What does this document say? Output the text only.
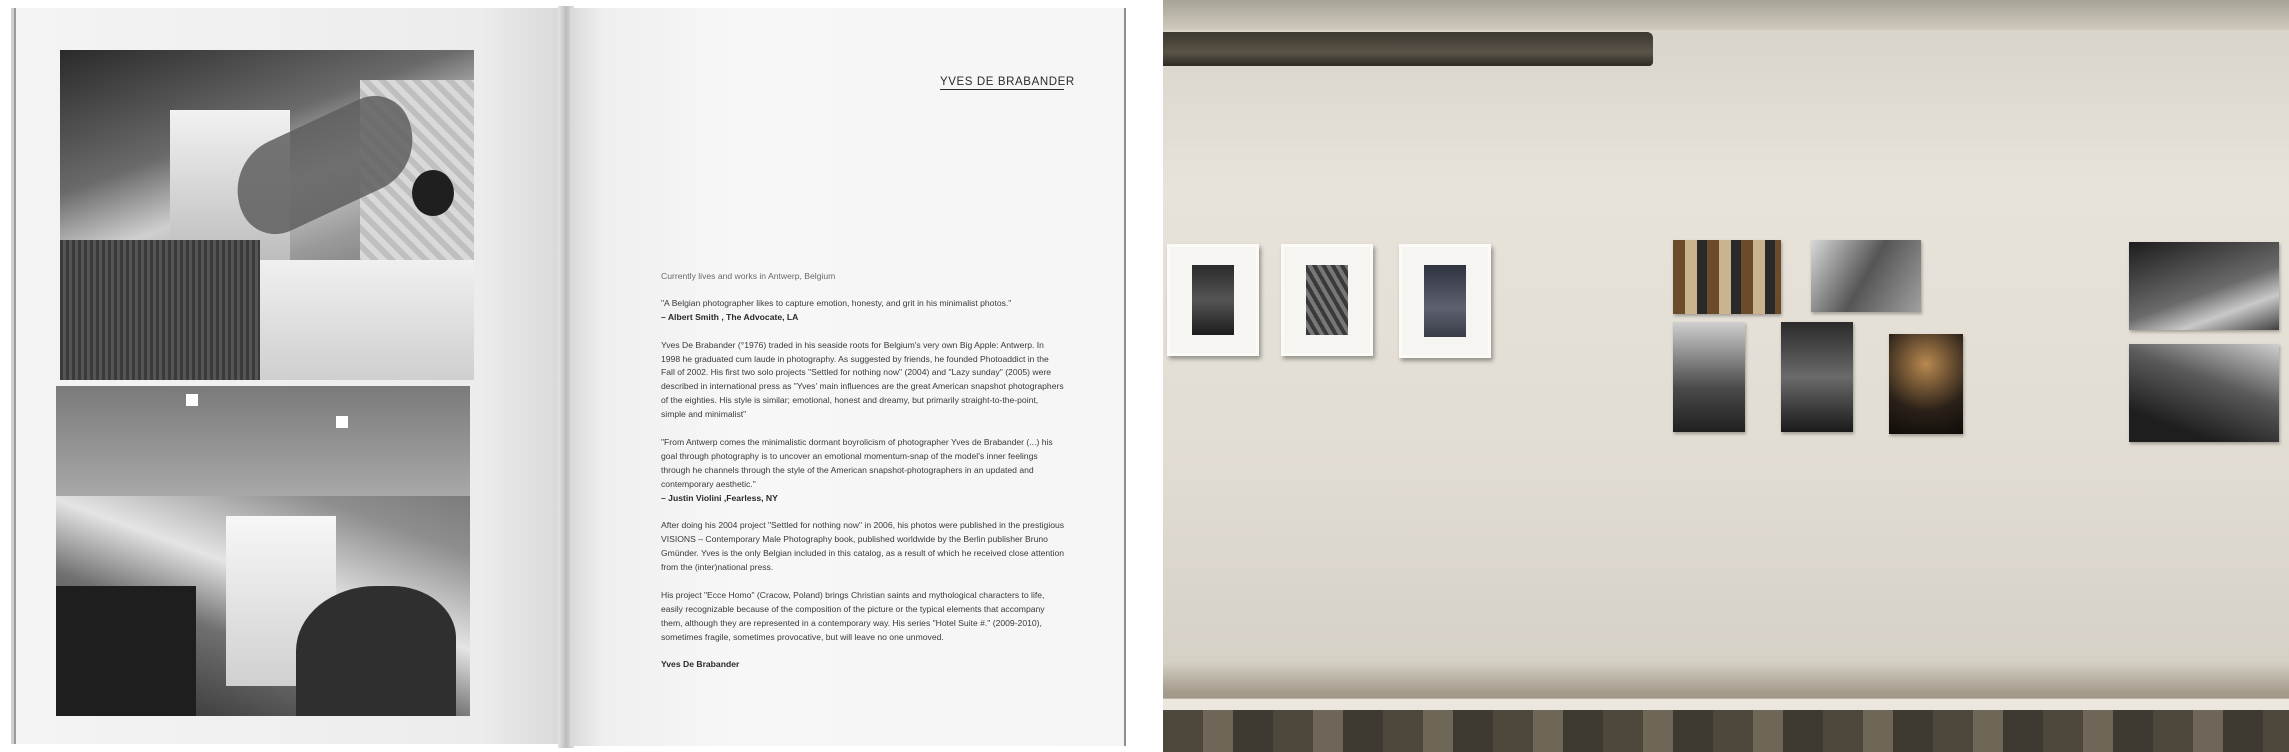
YVES DE BRABANDER

Currently lives and works in Antwerp, Belgium

"A Belgian photographer likes to capture emotion, honesty, and grit in his minimalist photos."
– Albert Smith , The Advocate, LA

Yves De Brabander (°1976) traded in his seaside roots for Belgium's very own Big Apple: Antwerp. In 1998 he graduated cum laude in photography. As suggested by friends, he founded Photoaddict in the Fall of 2002. His first two solo projects "Settled for nothing now" (2004) and "Lazy sunday" (2005) were described in international press as "Yves' main influences are the great American snapshot photographers of the eighties. His style is similar; emotional, honest and dreamy, but primarily straight-to-the-point, simple and minimalist"

"From Antwerp comes the minimalistic dormant boyrolicism of photographer Yves de Brabander (...) his goal through photography is to uncover an emotional momentum-snap of the model's inner feelings through he channels through the style of the American snapshot-photographers in an updated and contemporary aesthetic."
– Justin Violini ,Fearless, NY

After doing his 2004 project "Settled for nothing now" in 2006, his photos were published in the prestigious VISIONS – Contemporary Male Photography book, published worldwide by the Berlin publisher Bruno Gmünder. Yves is the only Belgian included in this catalog, as a result of which he received close attention from the (inter)national press.

His project "Ecce Homo" (Cracow, Poland) brings Christian saints and mythological characters to life, easily recognizable because of the composition of the picture or the typical elements that accompany them, although they are represented in a contemporary way. His series "Hotel Suite #." (2009-2010), sometimes fragile, sometimes provocative, but will leave no one unmoved.

Yves De Brabander
